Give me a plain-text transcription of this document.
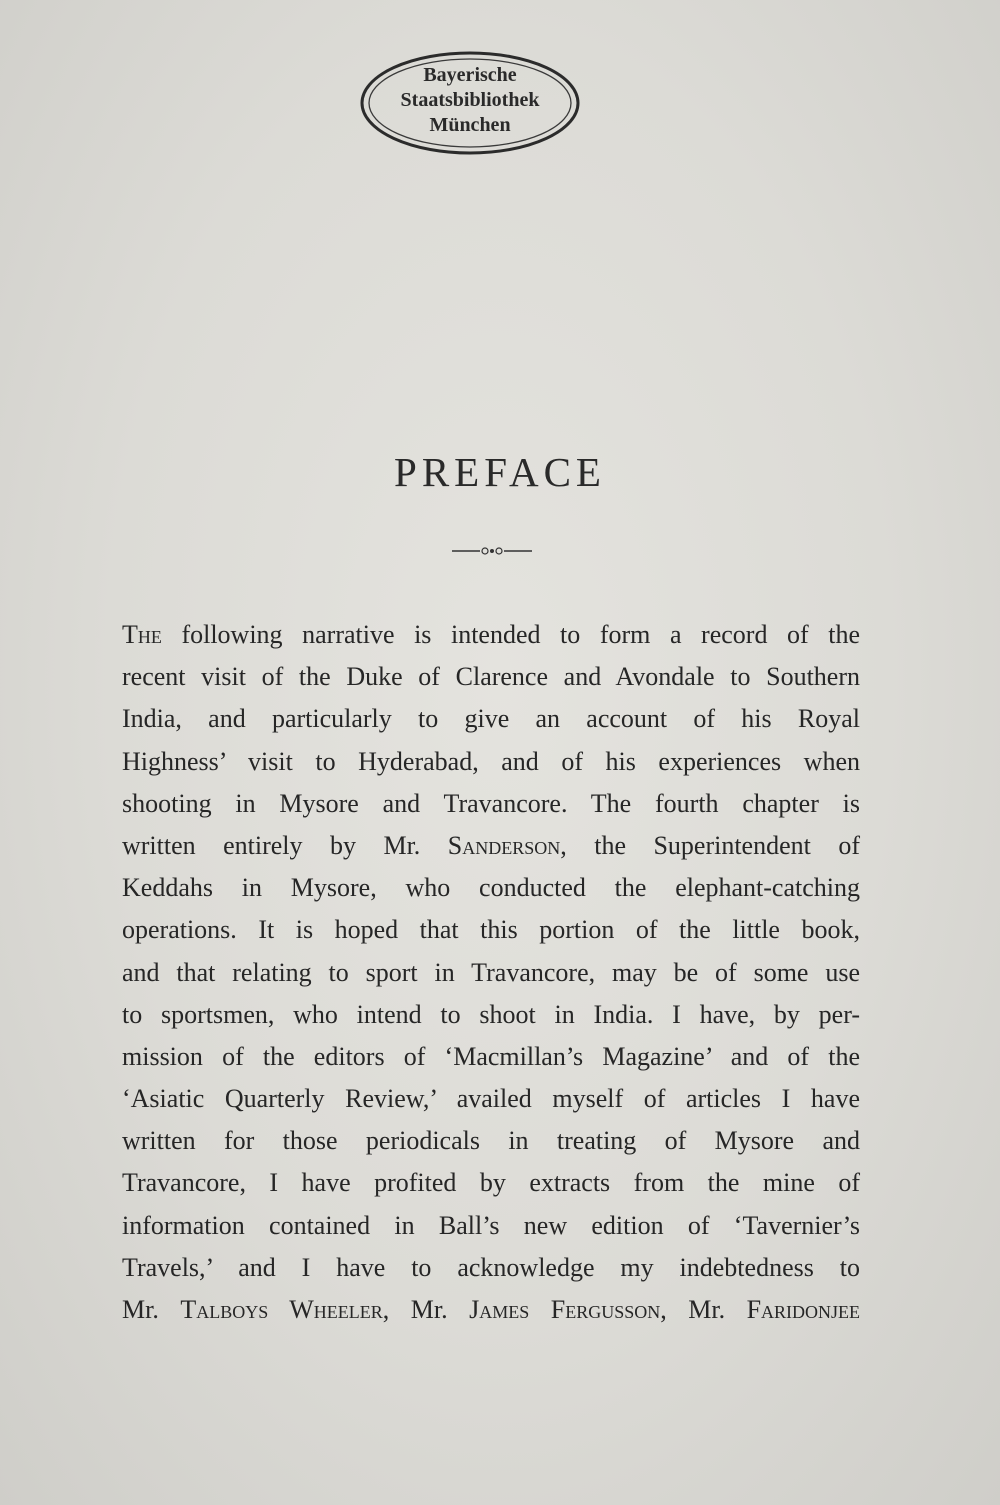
Bayerische
Staatsbibliothek
München
PREFACE
The following narrative is intended to form a record of the
recent visit of the Duke of Clarence and Avondale to Southern
India, and particularly to give an account of his Royal
Highness’ visit to Hyderabad, and of his experiences when
shooting in Mysore and Travancore. The fourth chapter is
written entirely by Mr. Sanderson, the Superintendent of
Keddahs in Mysore, who conducted the elephant-catching
operations. It is hoped that this portion of the little book,
and that relating to sport in Travancore, may be of some use
to sportsmen, who intend to shoot in India. I have, by per-
mission of the editors of ‘Macmillan’s Magazine’ and of the
‘Asiatic Quarterly Review,’ availed myself of articles I have
written for those periodicals in treating of Mysore and
Travancore, I have profited by extracts from the mine of
information contained in Ball’s new edition of ‘Tavernier’s
Travels,’ and I have to acknowledge my indebtedness to
Mr. Talboys Wheeler, Mr. James Fergusson, Mr. Faridonjee
